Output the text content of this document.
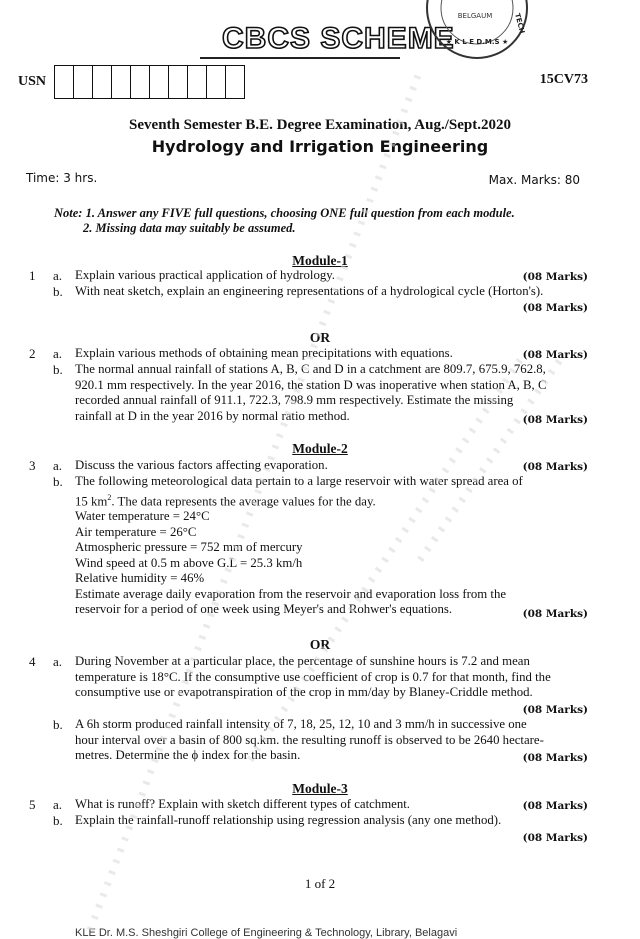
CBCS SCHEME
★ K L E D.M.S ★
BELGAUM	TECH
USN	15CV73
Seventh Semester B.E. Degree Examination, Aug./Sept.2020
Hydrology and Irrigation Engineering
Time: 3 hrs.	Max. Marks: 80
Note: 1. Answer any FIVE full questions, choosing ONE full question from each module.
2. Missing data may suitably be assumed.
Module-1
1 a. Explain various practical application of hydrology.	(08 Marks)
b. With neat sketch, explain an engineering representations of a hydrological cycle (Horton's).
(08 Marks)
OR
2 a. Explain various methods of obtaining mean precipitations with equations.	(08 Marks)
b. The normal annual rainfall of stations A, B, C and D in a catchment are 809.7, 675.9, 762.8,
920.1 mm respectively. In the year 2016, the station D was inoperative when station A, B, C
recorded annual rainfall of 911.1, 722.3, 798.9 mm respectively. Estimate the missing
rainfall at D in the year 2016 by normal ratio method.	(08 Marks)
Module-2
3 a. Discuss the various factors affecting evaporation.	(08 Marks)
b. The following meteorological data pertain to a large reservoir with water spread area of
15 $km^2$. The data represents the average values for the day.
Water temperature = 24°C
Air temperature = 26°C
Atmospheric pressure = 752 mm of mercury
Wind speed at 0.5 m above G.L = 25.3 km/h
Relative humidity = 46%
Estimate average daily evaporation from the reservoir and evaporation loss from the
reservoir for a period of one week using Meyer's and Rohwer's equations.	(08 Marks)
OR
4 a. During November at a particular place, the percentage of sunshine hours is 7.2 and mean
temperature is 18°C. If the consumptive use coefficient of crop is 0.7 for that month, find the
consumptive use or evapotranspiration of the crop in mm/day by Blaney-Criddle method.
(08 Marks)
b. A 6h storm produced rainfall intensity of 7, 18, 25, 12, 10 and 3 mm/h in successive one
hour interval over a basin of 800 sq.km. the resulting runoff is observed to be 2640 hectare-
metres. Determine the ϕ index for the basin.	(08 Marks)
Module-3
5 a. What is runoff? Explain with sketch different types of catchment.	(08 Marks)
b. Explain the rainfall-runoff relationship using regression analysis (any one method).
(08 Marks)
1 of 2
KLE Dr. M.S. Sheshgiri College of Engineering & Technology, Library, Belagavi
